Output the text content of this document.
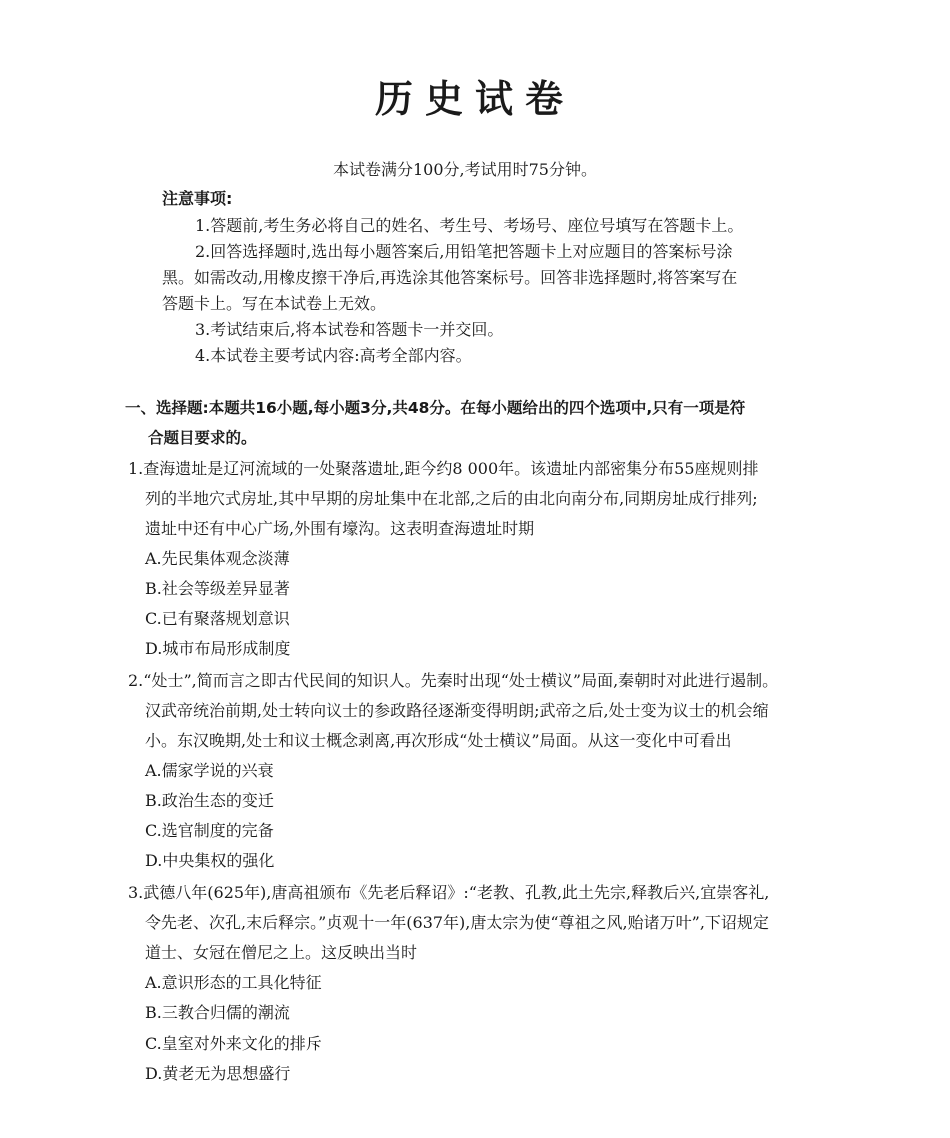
历史试卷
本试卷满分100分,考试用时75分钟。
注意事项:
1.答题前,考生务必将自己的姓名、考生号、考场号、座位号填写在答题卡上。
2.回答选择题时,选出每小题答案后,用铅笔把答题卡上对应题目的答案标号涂
黑。如需改动,用橡皮擦干净后,再选涂其他答案标号。回答非选择题时,将答案写在
答题卡上。写在本试卷上无效。
3.考试结束后,将本试卷和答题卡一并交回。
4.本试卷主要考试内容:高考全部内容。
一、选择题:本题共16小题,每小题3分,共48分。在每小题给出的四个选项中,只有一项是符
合题目要求的。
1.查海遗址是辽河流域的一处聚落遗址,距今约8 000年。该遗址内部密集分布55座规则排
列的半地穴式房址,其中早期的房址集中在北部,之后的由北向南分布,同期房址成行排列;
遗址中还有中心广场,外围有壕沟。这表明查海遗址时期
A.先民集体观念淡薄
B.社会等级差异显著
C.已有聚落规划意识
D.城市布局形成制度
2.“处士”,简而言之即古代民间的知识人。先秦时出现“处士横议”局面,秦朝时对此进行遏制。
汉武帝统治前期,处士转向议士的参政路径逐渐变得明朗;武帝之后,处士变为议士的机会缩
小。东汉晚期,处士和议士概念剥离,再次形成“处士横议”局面。从这一变化中可看出
A.儒家学说的兴衰
B.政治生态的变迁
C.选官制度的完备
D.中央集权的强化
3.武德八年(625年),唐高祖颁布《先老后释诏》:“老教、孔教,此土先宗,释教后兴,宜崇客礼,
令先老、次孔,末后释宗。”贞观十一年(637年),唐太宗为使“尊祖之风,贻诸万叶”,下诏规定
道士、女冠在僧尼之上。这反映出当时
A.意识形态的工具化特征
B.三教合归儒的潮流
C.皇室对外来文化的排斥
D.黄老无为思想盛行
